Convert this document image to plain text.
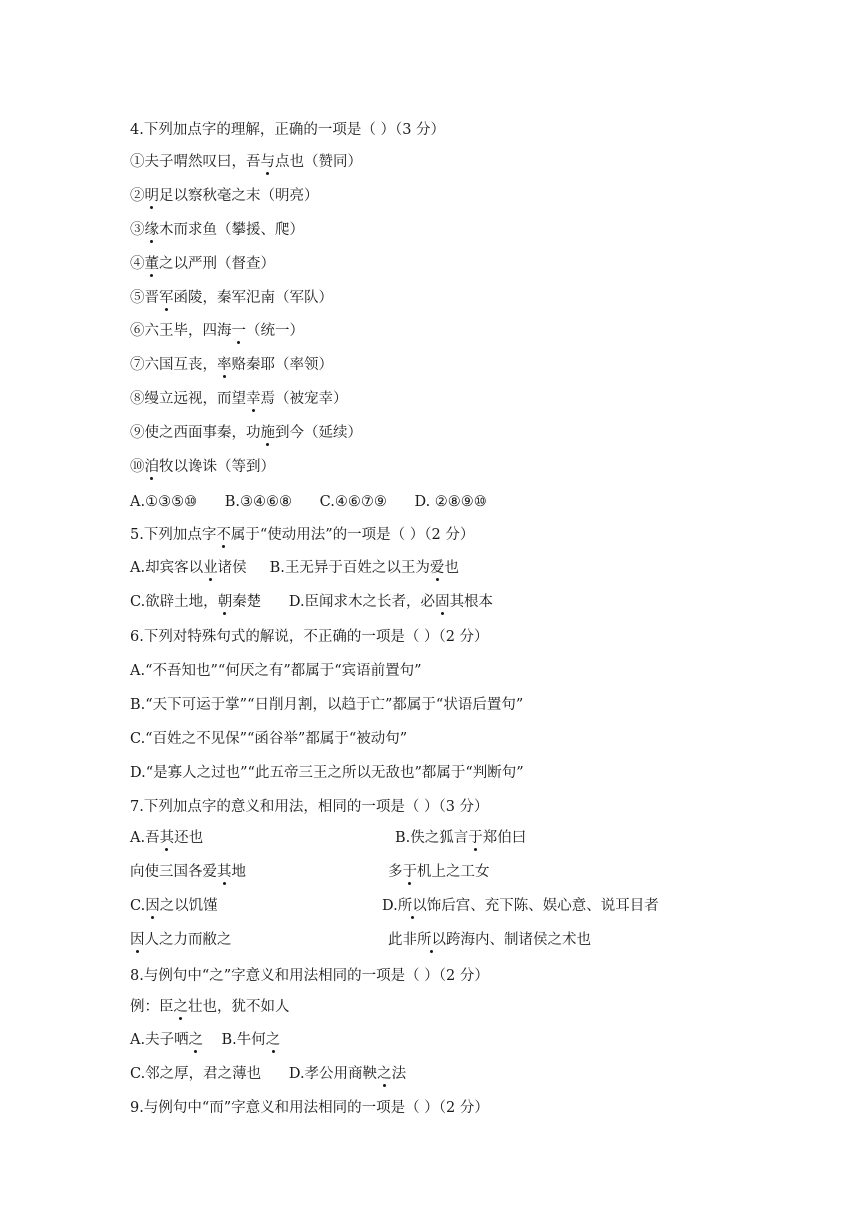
4.下列加点字的理解，正确的一项是（ ）（3 分）
①夫子喟然叹曰，吾与点也（赞同）
②明足以察秋毫之末（明亮）
③缘木而求鱼（攀援、爬）
④董之以严刑（督查）
⑤晋军函陵，秦军氾南（军队）
⑥六王毕，四海一（统一）
⑦六国互丧，率赂秦耶（率领）
⑧缦立远视，而望幸焉（被宠幸）
⑨使之西面事秦，功施到今（延续）
⑩洎牧以谗诛（等到）
A.①③⑤⑩      B.③④⑥⑧      C.④⑥⑦⑨      D. ②⑧⑨⑩
5.下列加点字不属于“使动用法”的一项是（ ）（2 分）
A.却宾客以业诸侯     B.王无异于百姓之以王为爱也
C.欲辟土地，朝秦楚      D.臣闻求木之长者，必固其根本
6.下列对特殊句式的解说，不正确的一项是（ ）（2 分）
A.“不吾知也”“何厌之有”都属于“宾语前置句”
B.“天下可运于掌”“日削月割，以趋于亡”都属于“状语后置句”
C.“百姓之不见保”“函谷举”都属于“被动句”
D.“是寡人之过也”“此五帝三王之所以无敌也”都属于“判断句”
7.下列加点字的意义和用法，相同的一项是（ ）（3 分）
A.吾其还也
向使三国各爱其地
C.因之以饥馑
因人之力而敝之
8.与例句中“之”字意义和用法相同的一项是（ ）（2 分）
例：臣之壮也，犹不如人
A.夫子哂之    B.牛何之
C.邻之厚，君之薄也      D.孝公用商鞅之法
9.与例句中“而”字意义和用法相同的一项是（ ）（2 分）
B.佚之狐言于郑伯曰
多于机上之工女
D.所以饰后宫、充下陈、娱心意、说耳目者
此非所以跨海内、制诸侯之术也
